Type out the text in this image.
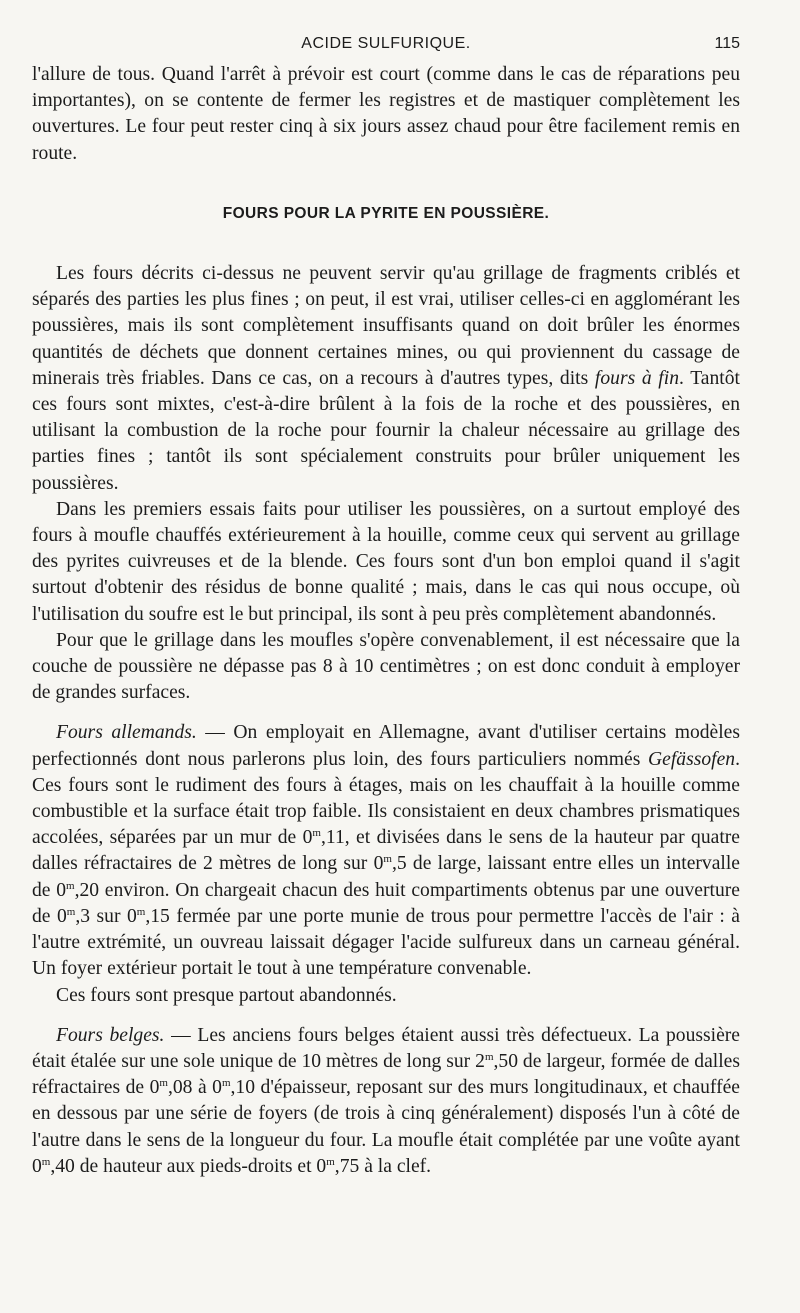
ACIDE SULFURIQUE.	115

l'allure de tous. Quand l'arrêt à prévoir est court (comme dans le cas de réparations peu importantes), on se contente de fermer les registres et de mastiquer complètement les ouvertures. Le four peut rester cinq à six jours assez chaud pour être facilement remis en route.

FOURS POUR LA PYRITE EN POUSSIÈRE.

Les fours décrits ci-dessus ne peuvent servir qu'au grillage de fragments criblés et séparés des parties les plus fines ; on peut, il est vrai, utiliser celles-ci en agglomérant les poussières, mais ils sont complètement insuffisants quand on doit brûler les énormes quantités de déchets que donnent certaines mines, ou qui proviennent du cassage de minerais très friables. Dans ce cas, on a recours à d'autres types, dits fours à fin. Tantôt ces fours sont mixtes, c'est-à-dire brûlent à la fois de la roche et des poussières, en utilisant la combustion de la roche pour fournir la chaleur nécessaire au grillage des parties fines ; tantôt ils sont spécialement construits pour brûler uniquement les poussières.

Dans les premiers essais faits pour utiliser les poussières, on a surtout employé des fours à moufle chauffés extérieurement à la houille, comme ceux qui servent au grillage des pyrites cuivreuses et de la blende. Ces fours sont d'un bon emploi quand il s'agit surtout d'obtenir des résidus de bonne qualité ; mais, dans le cas qui nous occupe, où l'utilisation du soufre est le but principal, ils sont à peu près complètement abandonnés.

Pour que le grillage dans les moufles s'opère convenablement, il est nécessaire que la couche de poussière ne dépasse pas 8 à 10 centimètres ; on est donc conduit à employer de grandes surfaces.

Fours allemands. — On employait en Allemagne, avant d'utiliser certains modèles perfectionnés dont nous parlerons plus loin, des fours particuliers nommés Gefässofen. Ces fours sont le rudiment des fours à étages, mais on les chauffait à la houille comme combustible et la surface était trop faible. Ils consistaient en deux chambres prismatiques accolées, séparées par un mur de 0$^m$,11, et divisées dans le sens de la hauteur par quatre dalles réfractaires de 2 mètres de long sur 0$^m$,5 de large, laissant entre elles un intervalle de 0$^m$,20 environ. On chargeait chacun des huit compartiments obtenus par une ouverture de 0$^m$,3 sur 0$^m$,15 fermée par une porte munie de trous pour permettre l'accès de l'air : à l'autre extrémité, un ouvreau laissait dégager l'acide sulfureux dans un carneau général. Un foyer extérieur portait le tout à une température convenable.

Ces fours sont presque partout abandonnés.

Fours belges. — Les anciens fours belges étaient aussi très défectueux. La poussière était étalée sur une sole unique de 10 mètres de long sur 2$^m$,50 de largeur, formée de dalles réfractaires de 0$^m$,08 à 0$^m$,10 d'épaisseur, reposant sur des murs longitudinaux, et chauffée en dessous par une série de foyers (de trois à cinq généralement) disposés l'un à côté de l'autre dans le sens de la longueur du four. La moufle était complétée par une voûte ayant 0$^m$,40 de hauteur aux pieds-droits et 0$^m$,75 à la clef.
